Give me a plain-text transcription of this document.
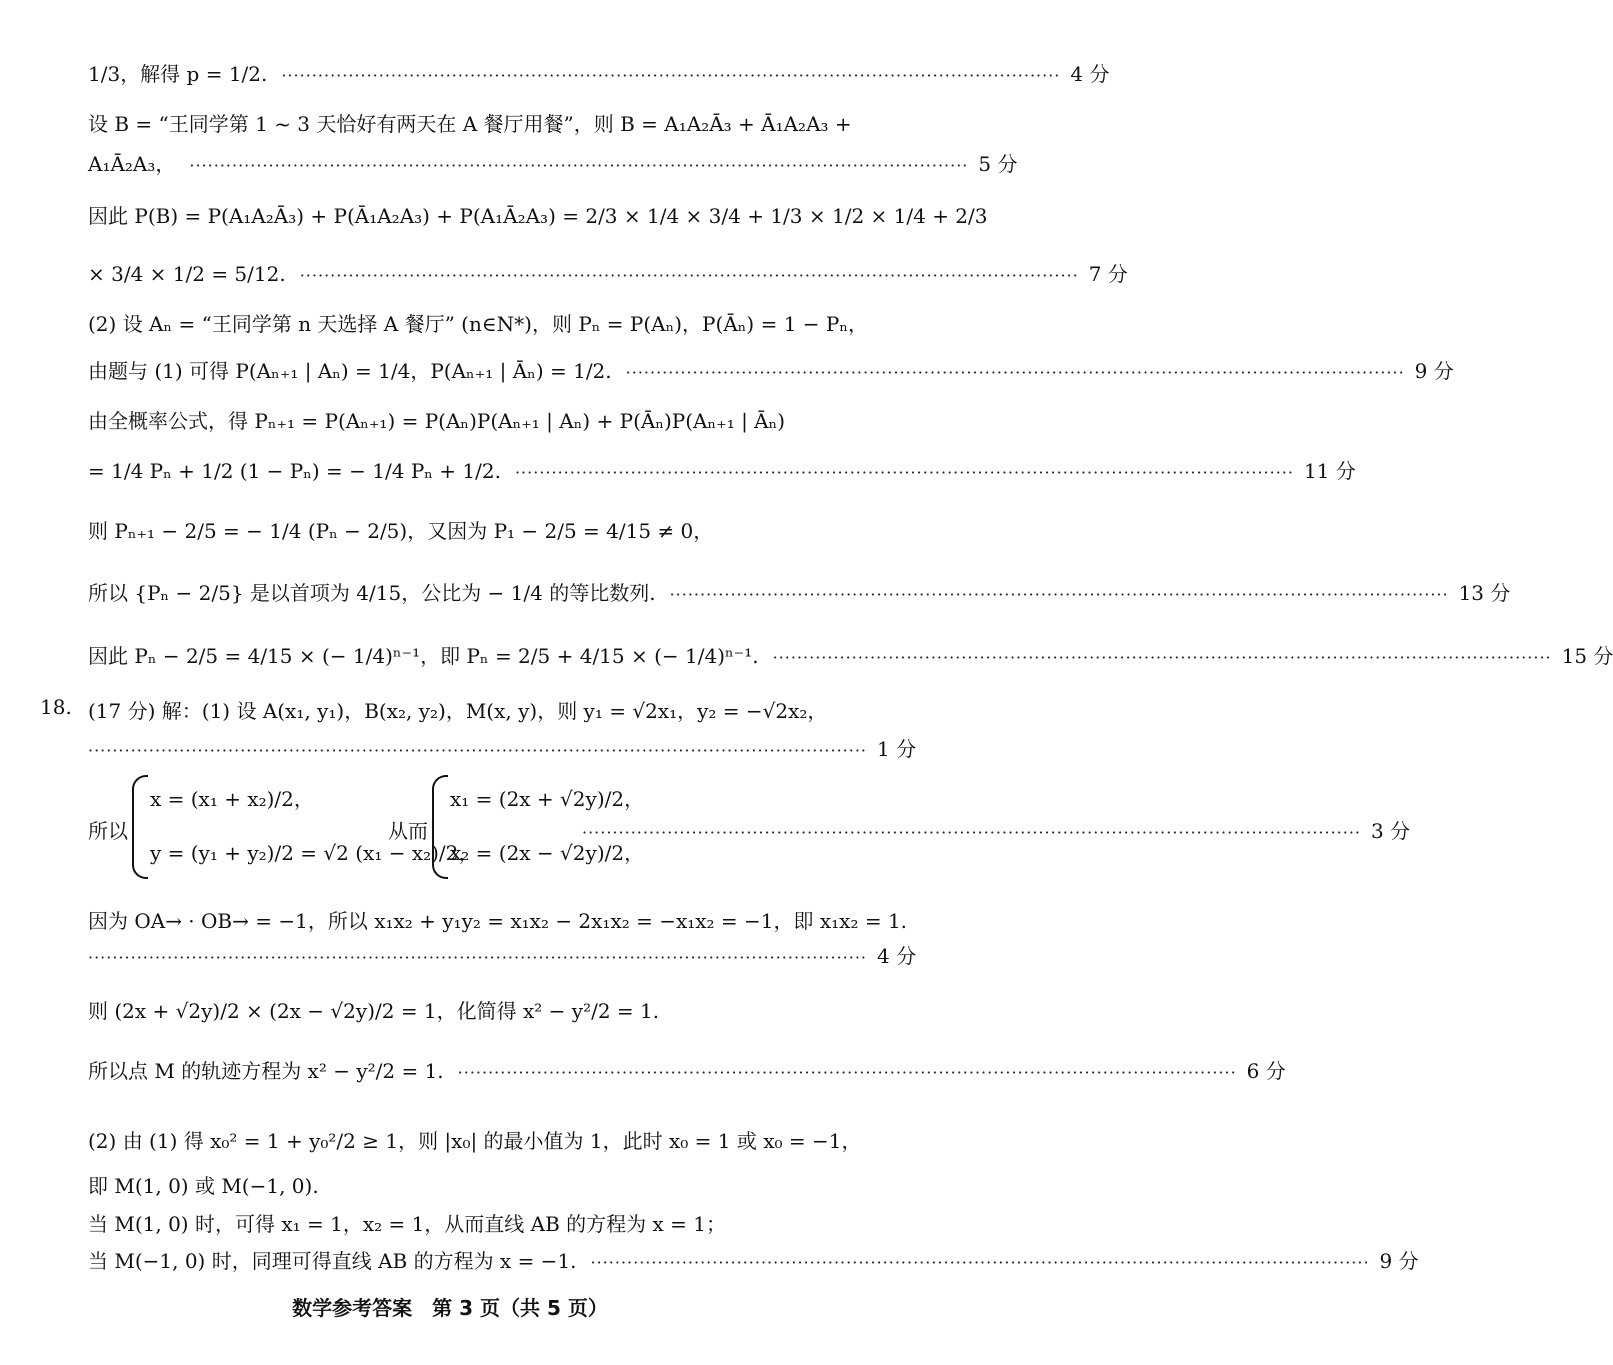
1/3，解得 p = 1/2. ·····	4 分
设 B = “王同学第 1 ~ 3 天恰好有两天在 A 餐厅用餐”，则 B = A₁A₂Ā₃ + Ā₁A₂A₃ +
A₁Ā₂A₃， ·····	5 分
因此 P(B) = P(A₁A₂Ā₃) + P(Ā₁A₂A₃) + P(A₁Ā₂A₃) = 2/3 × 1/4 × 3/4 + 1/3 × 1/2 × 1/4 + 2/3
× 3/4 × 1/2 = 5/12. ·····	7 分
(2) 设 Aₙ = “王同学第 n 天选择 A 餐厅” (n∈N*)，则 Pₙ = P(Aₙ)，P(Āₙ) = 1 − Pₙ，
由题与 (1) 可得 P(Aₙ₊₁ | Aₙ) = 1/4，P(Aₙ₊₁ | Āₙ) = 1/2. ·····	9 分
由全概率公式，得 Pₙ₊₁ = P(Aₙ₊₁) = P(Aₙ)P(Aₙ₊₁ | Aₙ) + P(Āₙ)P(Aₙ₊₁ | Āₙ)
= 1/4 Pₙ + 1/2 (1 − Pₙ) = − 1/4 Pₙ + 1/2. ·····	11 分
则 Pₙ₊₁ − 2/5 = − 1/4 (Pₙ − 2/5)，又因为 P₁ − 2/5 = 4/15 ≠ 0，
所以 {Pₙ − 2/5} 是以首项为 4/15，公比为 − 1/4 的等比数列. ·····	13 分
因此 Pₙ − 2/5 = 4/15 × (− 1/4)ⁿ⁻¹，即 Pₙ = 2/5 + 4/15 × (− 1/4)ⁿ⁻¹. ·····	15 分
18. (17 分) 解：(1) 设 A(x₁, y₁)，B(x₂, y₂)，M(x, y)，则 y₁ = √2x₁，y₂ = −√2x₂，
·····
1 分
所以 ·····	3 分
x = (x₁ + x₂)/2，
y = (y₁ + y₂)/2 = √2 (x₁ − x₂)/2，
从而
x₁ = (2x + √2y)/2，
x₂ = (2x − √2y)/2，
因为 OA→ · OB→ = −1，所以 x₁x₂ + y₁y₂ = x₁x₂ − 2x₁x₂ = −x₁x₂ = −1，即 x₁x₂ = 1.
·····
4 分
则 (2x + √2y)/2 × (2x − √2y)/2 = 1，化简得 x² − y²/2 = 1.
所以点 M 的轨迹方程为 x² − y²/2 = 1. ·····	6 分
(2) 由 (1) 得 x₀² = 1 + y₀²/2 ≥ 1，则 |x₀| 的最小值为 1，此时 x₀ = 1 或 x₀ = −1，
即 M(1, 0) 或 M(−1, 0).
当 M(1, 0) 时，可得 x₁ = 1，x₂ = 1，从而直线 AB 的方程为 x = 1；
当 M(−1, 0) 时，同理可得直线 AB 的方程为 x = −1. ·····	9 分
数学参考答案　第 3 页（共 5 页）
